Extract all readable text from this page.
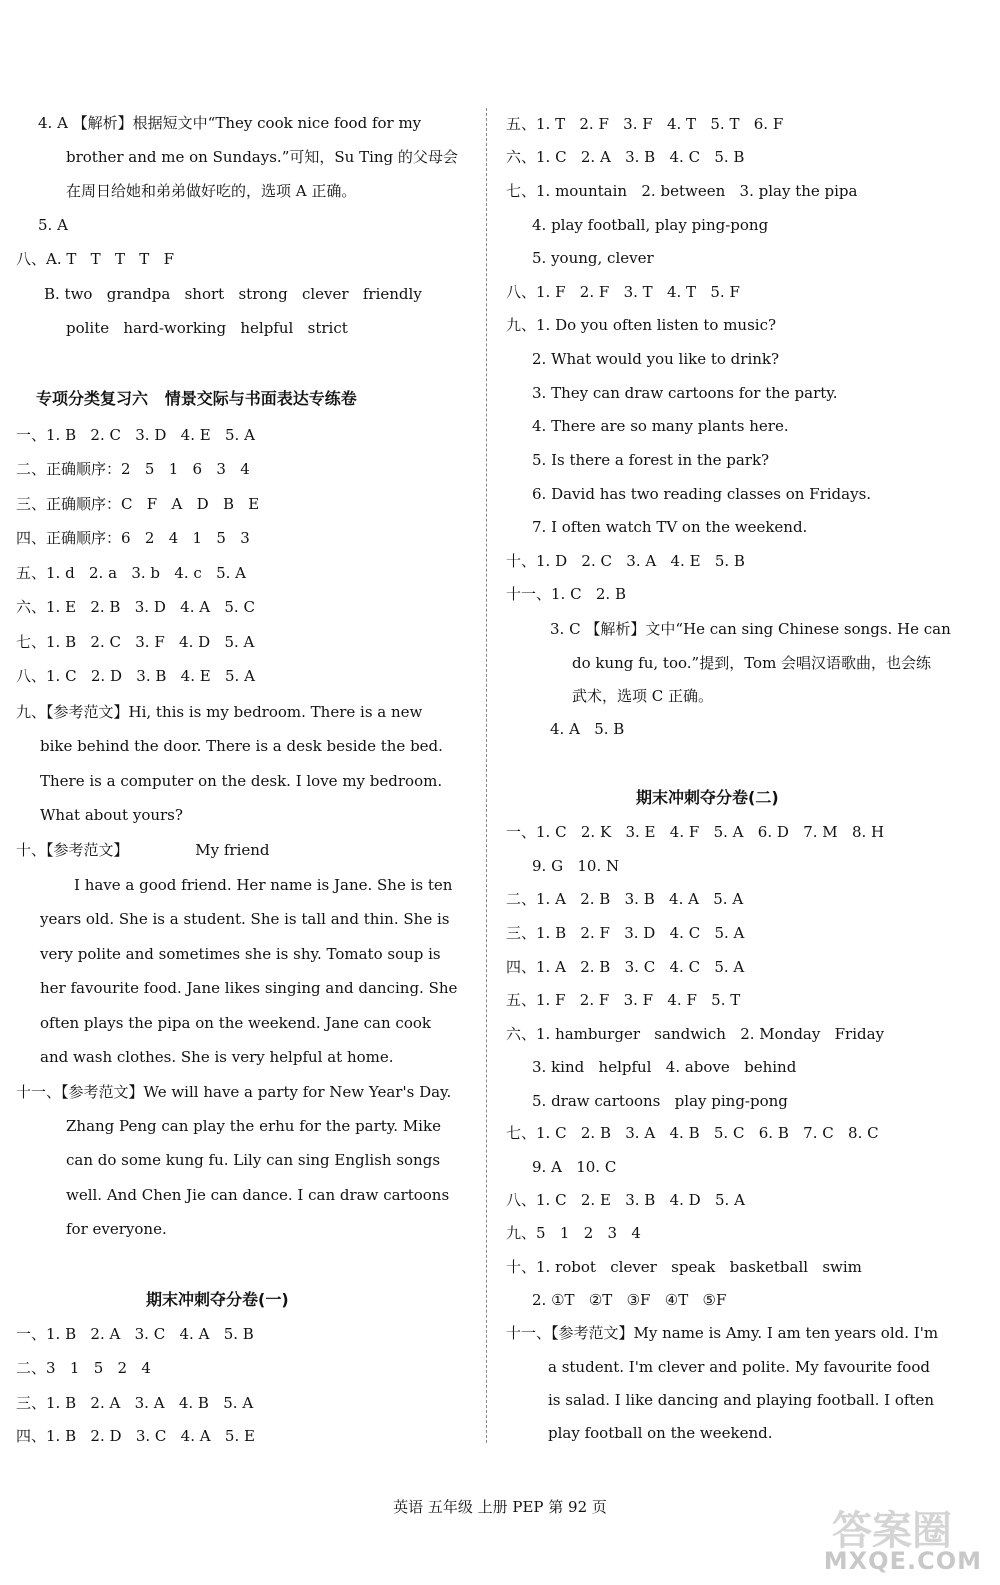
4. A 【解析】根据短文中“They cook nice food for my
brother and me on Sundays.”可知，Su Ting 的父母会
在周日给她和弟弟做好吃的，选项 A 正确。
5. A
八、A. T   T   T   T   F
B. two   grandpa   short   strong   clever   friendly
polite   hard-working   helpful   strict
专项分类复习六   情景交际与书面表达专练卷
一、1. B   2. C   3. D   4. E   5. A
二、正确顺序：2   5   1   6   3   4
三、正确顺序：C   F   A   D   B   E
四、正确顺序：6   2   4   1   5   3
五、1. d   2. a   3. b   4. c   5. A
六、1. E   2. B   3. D   4. A   5. C
七、1. B   2. C   3. F   4. D   5. A
八、1. C   2. D   3. B   4. E   5. A
九、【参考范文】Hi, this is my bedroom. There is a new
bike behind the door. There is a desk beside the bed.
There is a computer on the desk. I love my bedroom.
What about yours?
十、【参考范文】              My friend
I have a good friend. Her name is Jane. She is ten
years old. She is a student. She is tall and thin. She is
very polite and sometimes she is shy. Tomato soup is
her favourite food. Jane likes singing and dancing. She
often plays the pipa on the weekend. Jane can cook
and wash clothes. She is very helpful at home.
十一、【参考范文】We will have a party for New Year's Day.
Zhang Peng can play the erhu for the party. Mike
can do some kung fu. Lily can sing English songs
well. And Chen Jie can dance. I can draw cartoons
for everyone.
期末冲刺夺分卷(一)
一、1. B   2. A   3. C   4. A   5. B
二、3   1   5   2   4
三、1. B   2. A   3. A   4. B   5. A
四、1. B   2. D   3. C   4. A   5. E
五、1. T   2. F   3. F   4. T   5. T   6. F
六、1. C   2. A   3. B   4. C   5. B
七、1. mountain   2. between   3. play the pipa
4. play football, play ping-pong
5. young, clever
八、1. F   2. F   3. T   4. T   5. F
九、1. Do you often listen to music?
2. What would you like to drink?
3. They can draw cartoons for the party.
4. There are so many plants here.
5. Is there a forest in the park?
6. David has two reading classes on Fridays.
7. I often watch TV on the weekend.
十、1. D   2. C   3. A   4. E   5. B
十一、1. C   2. B
3. C 【解析】文中“He can sing Chinese songs. He can
do kung fu, too.”提到，Tom 会唱汉语歌曲，也会练
武术，选项 C 正确。
4. A   5. B
期末冲刺夺分卷(二)
一、1. C   2. K   3. E   4. F   5. A   6. D   7. M   8. H
9. G   10. N
二、1. A   2. B   3. B   4. A   5. A
三、1. B   2. F   3. D   4. C   5. A
四、1. A   2. B   3. C   4. C   5. A
五、1. F   2. F   3. F   4. F   5. T
六、1. hamburger   sandwich   2. Monday   Friday
3. kind   helpful   4. above   behind
5. draw cartoons   play ping-pong
七、1. C   2. B   3. A   4. B   5. C   6. B   7. C   8. C
9. A   10. C
八、1. C   2. E   3. B   4. D   5. A
九、5   1   2   3   4
十、1. robot   clever   speak   basketball   swim
2. ①T   ②T   ③F   ④T   ⑤F
十一、【参考范文】My name is Amy. I am ten years old. I'm
a student. I'm clever and polite. My favourite food
is salad. I like dancing and playing football. I often
play football on the weekend.
英语 五年级 上册 PEP 第 92 页
答案圈
MXQE.COM
